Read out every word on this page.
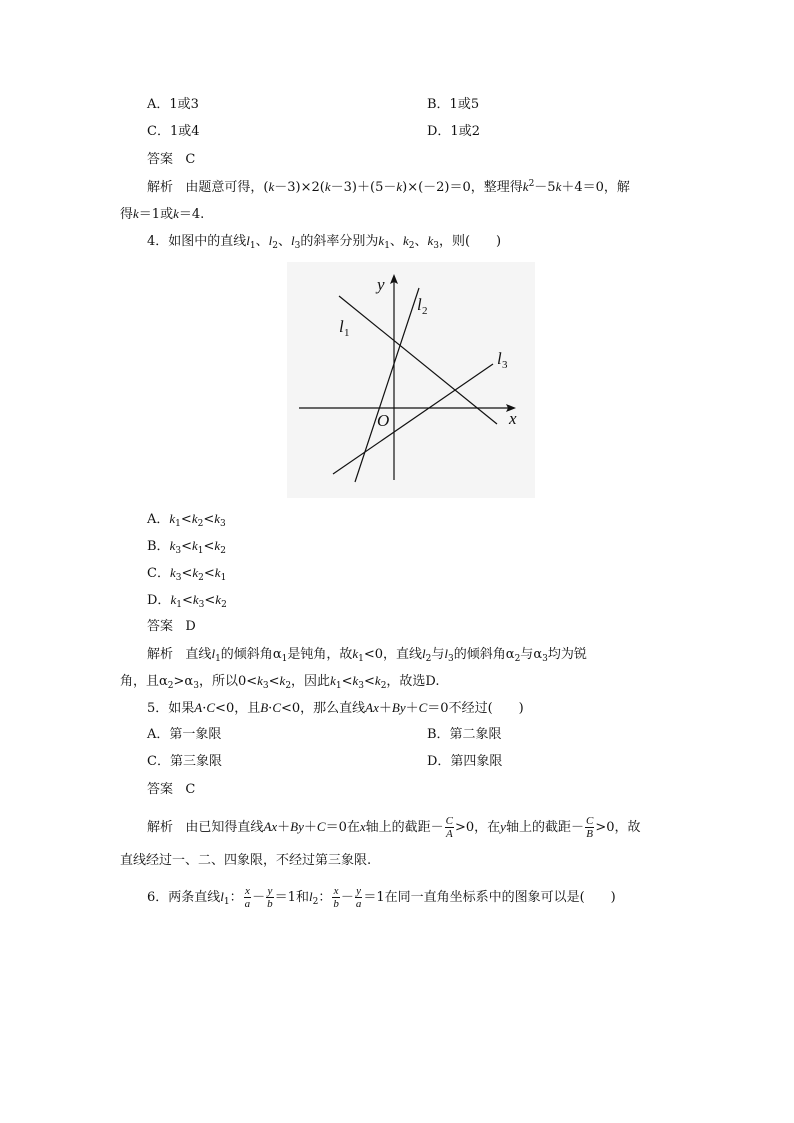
A．1或3	B．1或5
C．1或4	D．1或2
答案 C
解析 由题意可得，(k－3)×2(k－3)＋(5－k)×(－2)＝0，整理得$k^2-5k+4=0$，解
得k＝1或k＝4.
4．如图中的直线$l_1$、$l_2$、$l_3$的斜率分别为$k_1$、$k_2$、$k_3$，则(　　)
y
x
O
l 1
l 2
l 3
A．$k_1<k_2<k_3$
B．$k_3<k_1<k_2$
C．$k_3<k_2<k_1$
D．$k_1<k_3<k_2$
答案 D
解析 直线$l_1$的倾斜角$\alpha_1$是钝角，故$k_1<0$，直线$l_2$与$l_3$的倾斜角$\alpha_2$与$\alpha_3$均为锐
角，且$\alpha_2>\alpha_3$，所以$0<k_3<k_2$，因此$k_1<k_3<k_2$，故选D.
5．如果A·C<0，且B·C<0，那么直线Ax＋By＋C＝0不经过(　　)
A．第一象限	B．第二象限
C．第三象限	D．第四象限
答案 C
解析 由已知得直线Ax＋By＋C＝0在x轴上的截距－ $\frac{C}{A} >0$，在y轴上的截距－ $\frac{C}{B} >0$，故
直线经过一、二、四象限，不经过第三象限.
6．两条直线$l_1$： $\frac{x}{a} - \frac{y}{b} =1$和$l_2$： $\frac{x}{b} - \frac{y}{a} =1$在同一直角坐标系中的图象可以是(　　)
